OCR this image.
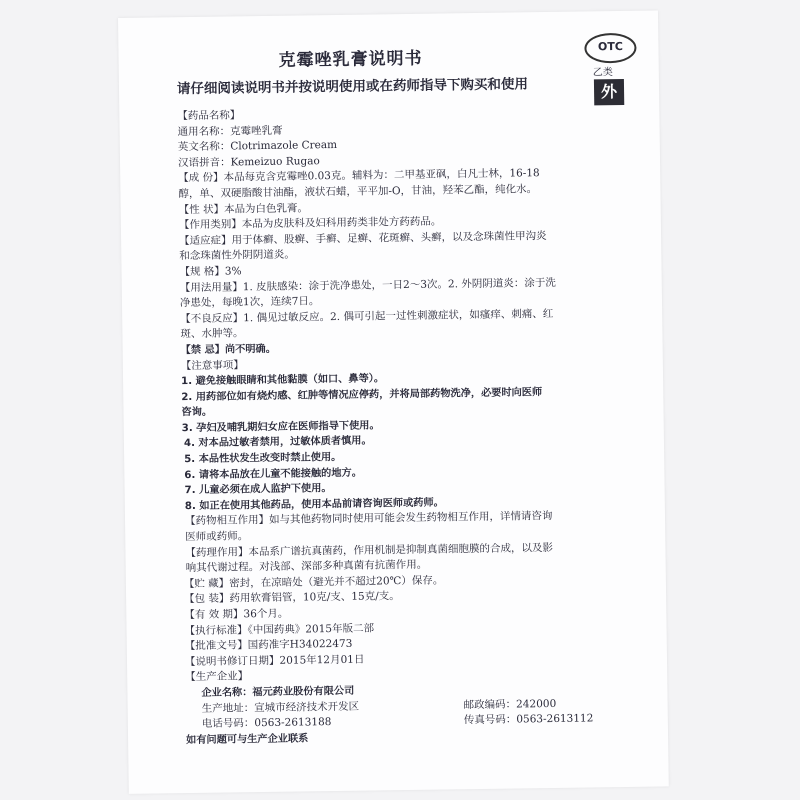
克霉唑乳膏说明书
OTC
乙类
外
请仔细阅读说明书并按说明使用或在药师指导下购买和使用
【药品名称】
通用名称：克霉唑乳膏
英文名称：Clotrimazole Cream
汉语拼音：Kemeizuo Rugao
【成 份】本品每克含克霉唑0.03克。辅料为：二甲基亚砜，白凡士林，16-18
醇，单、双硬脂酸甘油酯，液状石蜡，平平加-O，甘油，羟苯乙酯，纯化水。
【性 状】本品为白色乳膏。
【作用类别】本品为皮肤科及妇科用药类非处方药药品。
【适应症】用于体癣、股癣、手癣、足癣、花斑癣、头癣，以及念珠菌性甲沟炎
和念珠菌性外阴阴道炎。
【规 格】3%
【用法用量】1. 皮肤感染：涂于洗净患处，一日2～3次。2. 外阴阴道炎：涂于洗
净患处，每晚1次，连续7日。
【不良反应】1. 偶见过敏反应。2. 偶可引起一过性刺激症状，如瘙痒、刺痛、红
斑、水肿等。
【禁 忌】尚不明确。
【注意事项】
1. 避免接触眼睛和其他黏膜（如口、鼻等）。
2. 用药部位如有烧灼感、红肿等情况应停药，并将局部药物洗净，必要时向医师
咨询。
3. 孕妇及哺乳期妇女应在医师指导下使用。
4. 对本品过敏者禁用，过敏体质者慎用。
5. 本品性状发生改变时禁止使用。
6. 请将本品放在儿童不能接触的地方。
7. 儿童必须在成人监护下使用。
8. 如正在使用其他药品，使用本品前请咨询医师或药师。
【药物相互作用】如与其他药物同时使用可能会发生药物相互作用，详情请咨询
医师或药师。
【药理作用】本品系广谱抗真菌药，作用机制是抑制真菌细胞膜的合成，以及影
响其代谢过程。对浅部、深部多种真菌有抗菌作用。
【贮 藏】密封，在凉暗处（避光并不超过20℃）保存。
【包 装】药用软膏铝管，10克/支、15克/支。
【有 效 期】36个月。
【执行标准】《中国药典》2015年版二部
【批准文号】国药准字H34022473
【说明书修订日期】2015年12月01日
【生产企业】
企业名称：福元药业股份有限公司
生产地址：宣城市经济技术开发区	邮政编码：242000
电话号码：0563-2613188	传真号码：0563-2613112
如有问题可与生产企业联系
